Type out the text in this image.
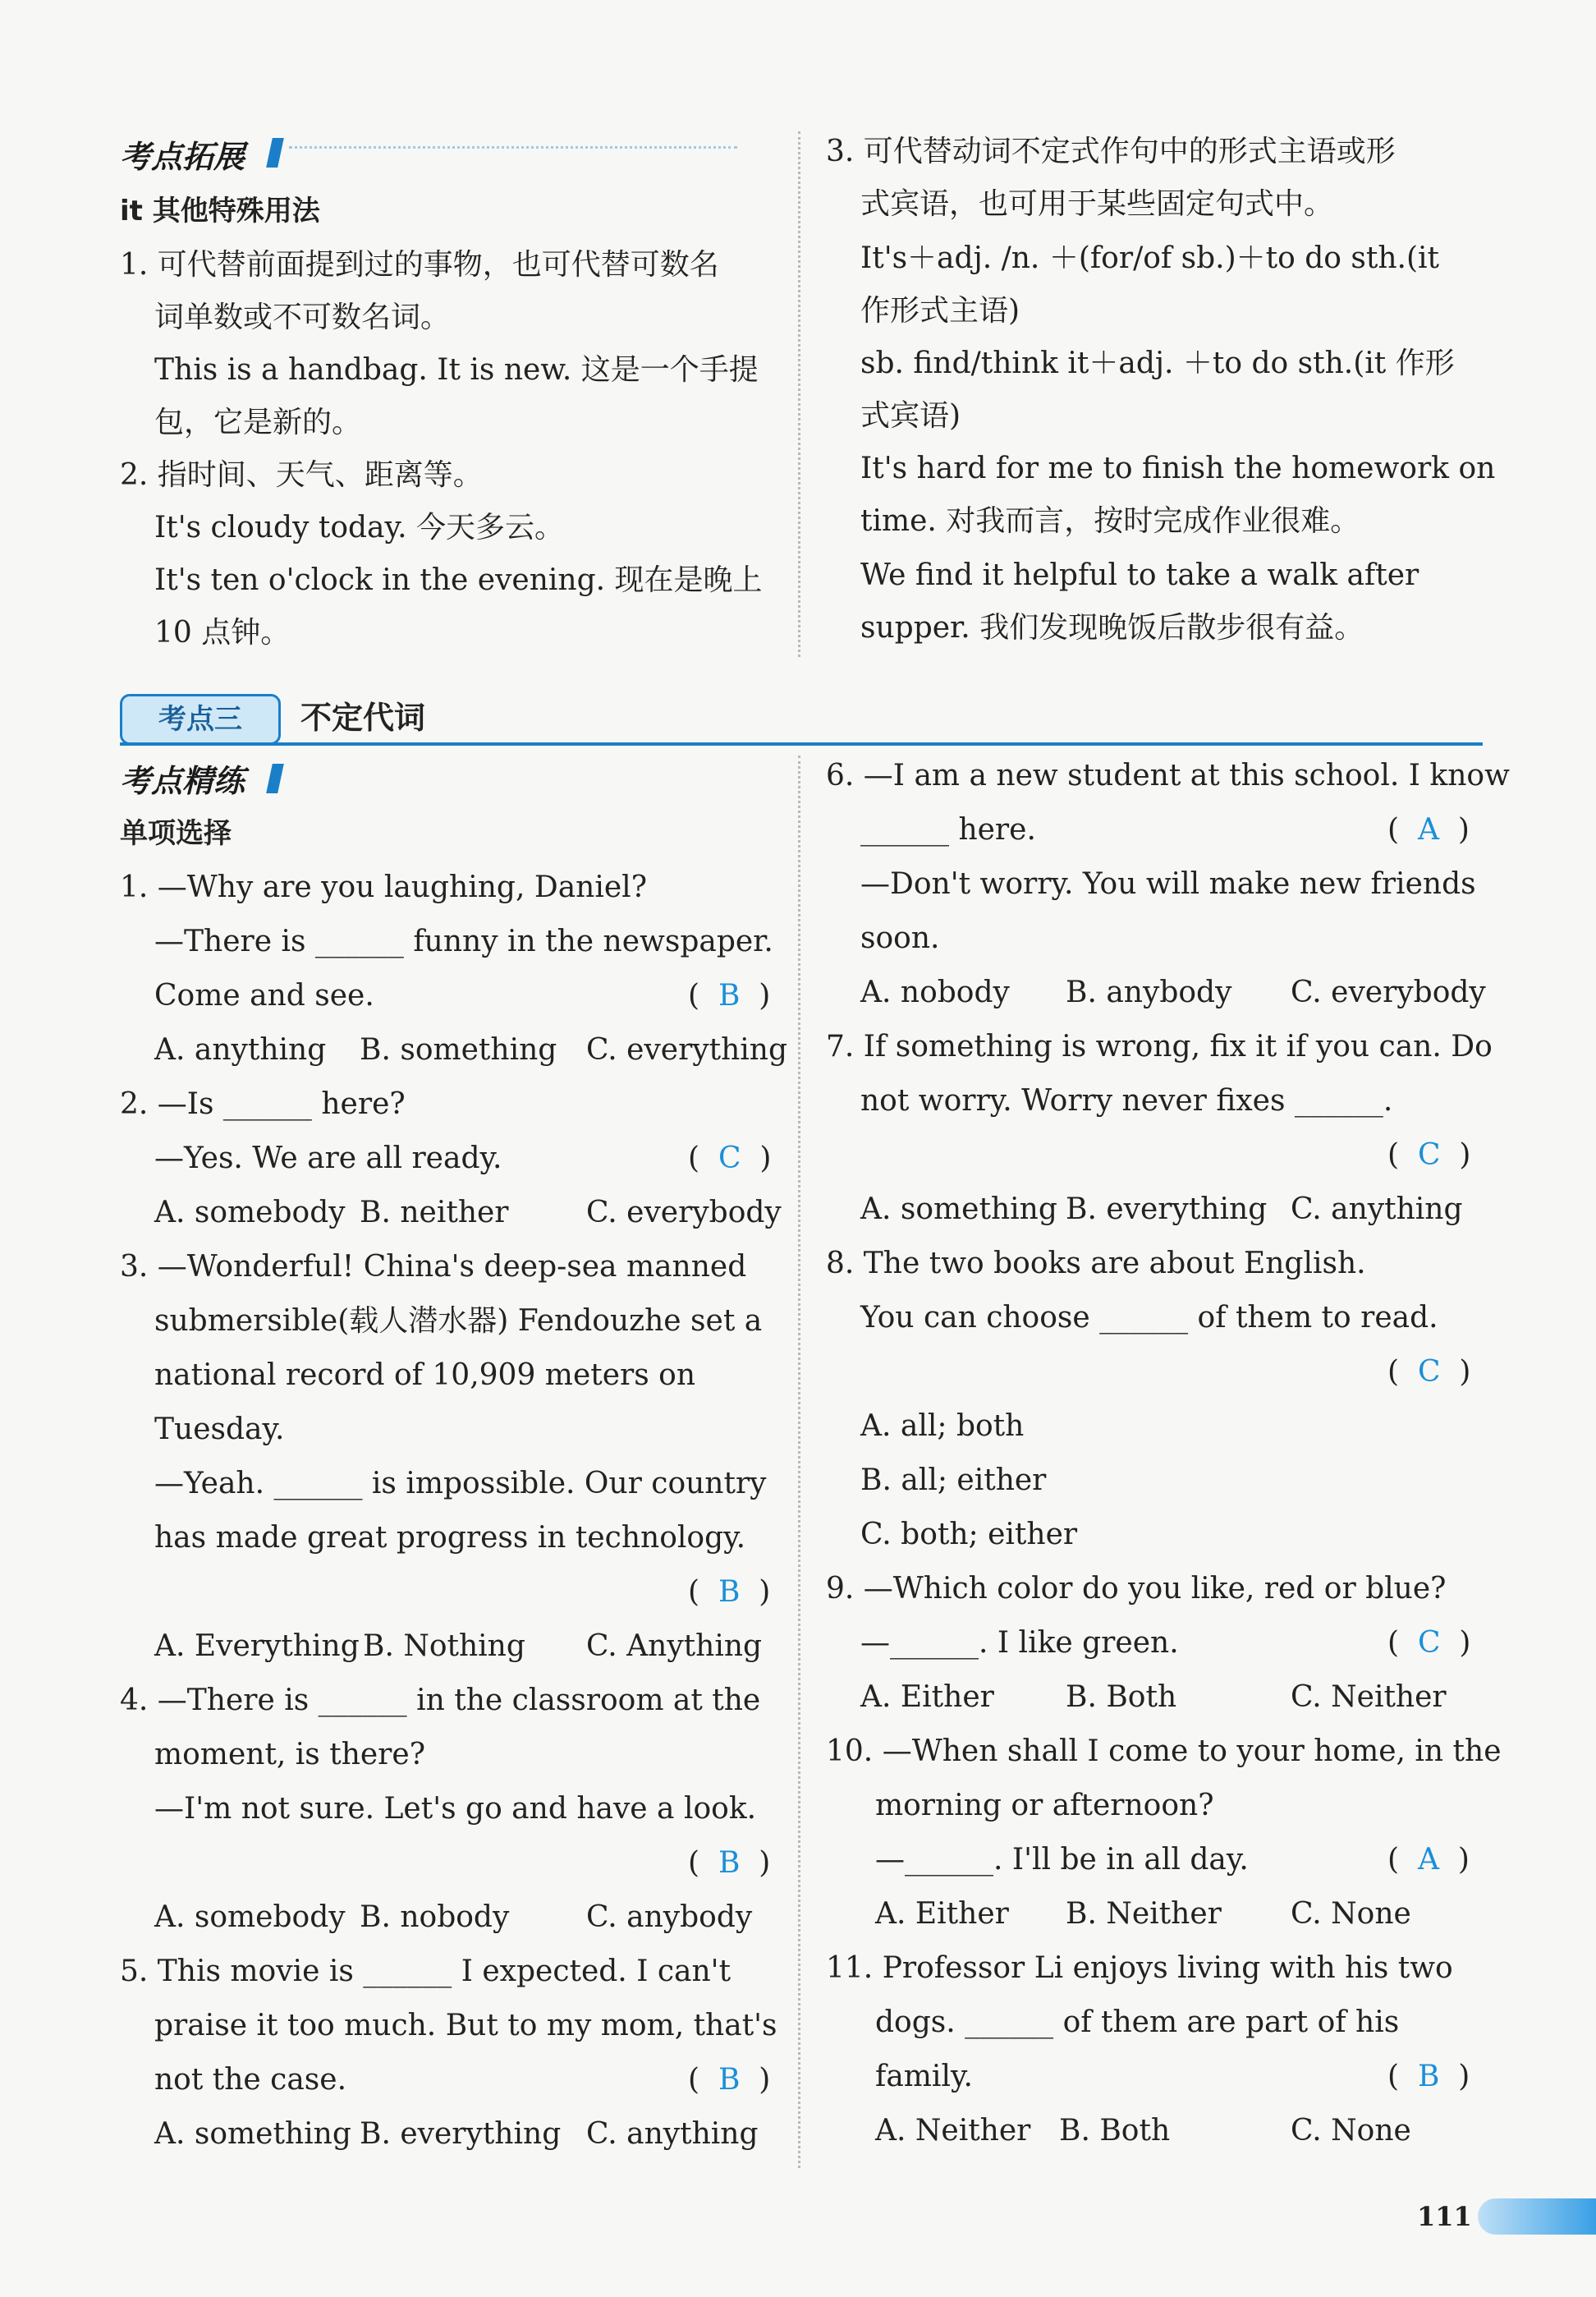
考点拓展
it 其他特殊用法
1. 可代替前面提到过的事物，也可代替可数名
词单数或不可数名词。
This is a handbag. It is new. 这是一个手提
包，它是新的。
2. 指时间、天气、距离等。
It's cloudy today. 今天多云。
It's ten o'clock in the evening. 现在是晚上
10 点钟。
3. 可代替动词不定式作句中的形式主语或形
式宾语，也可用于某些固定句式中。
It's＋adj. /n. ＋(for/of sb.)＋to do sth.(it
作形式主语)
sb. find/think it＋adj. ＋to do sth.(it 作形
式宾语)
It's hard for me to finish the homework on
time. 对我而言，按时完成作业很难。
We find it helpful to take a walk after
supper. 我们发现晚饭后散步很有益。
考点三	不定代词
考点精练
单项选择
1. —Why are you laughing, Daniel?
—There is ______ funny in the newspaper.
Come and see.	(  B  )
A. anything B. something C. everything
2. —Is ______ here?
—Yes. We are all ready.	(  C  )
A. somebody B. neither	C. everybody
3. —Wonderful! China's deep-sea manned
submersible(载人潜水器) Fendouzhe set a
national record of 10,909 meters on
Tuesday.
—Yeah. ______ is impossible. Our country
has made great progress in technology.
(  B  )
A. Everything B. Nothing C. Anything
4. —There is ______ in the classroom at the
moment, is there?
—I'm not sure. Let's go and have a look.
(  B  )
A. somebody B. nobody	C. anybody
5. This movie is ______ I expected. I can't
praise it too much. But to my mom, that's
not the case.	(  B  )
A. something B. everything C. anything
6. —I am a new student at this school. I know
______ here.	(  A  )
—Don't worry. You will make new friends
soon.
A. nobody B. anybody C. everybody
7. If something is wrong, fix it if you can. Do
not worry. Worry never fixes ______.
(  C  )
A. something B. everything C. anything
8. The two books are about English.
You can choose ______ of them to read.
(  C  )
A. all; both
B. all; either
C. both; either
9. —Which color do you like, red or blue?
—______. I like green.	(  C  )
A. Either B. Both	C. Neither
10. —When shall I come to your home, in the
morning or afternoon?
—______. I'll be in all day.	(  A  )
A. Either B. Neither C. None
11. Professor Li enjoys living with his two
dogs. ______ of them are part of his
family.	(  B  )
A. Neither B. Both	C. None
111
